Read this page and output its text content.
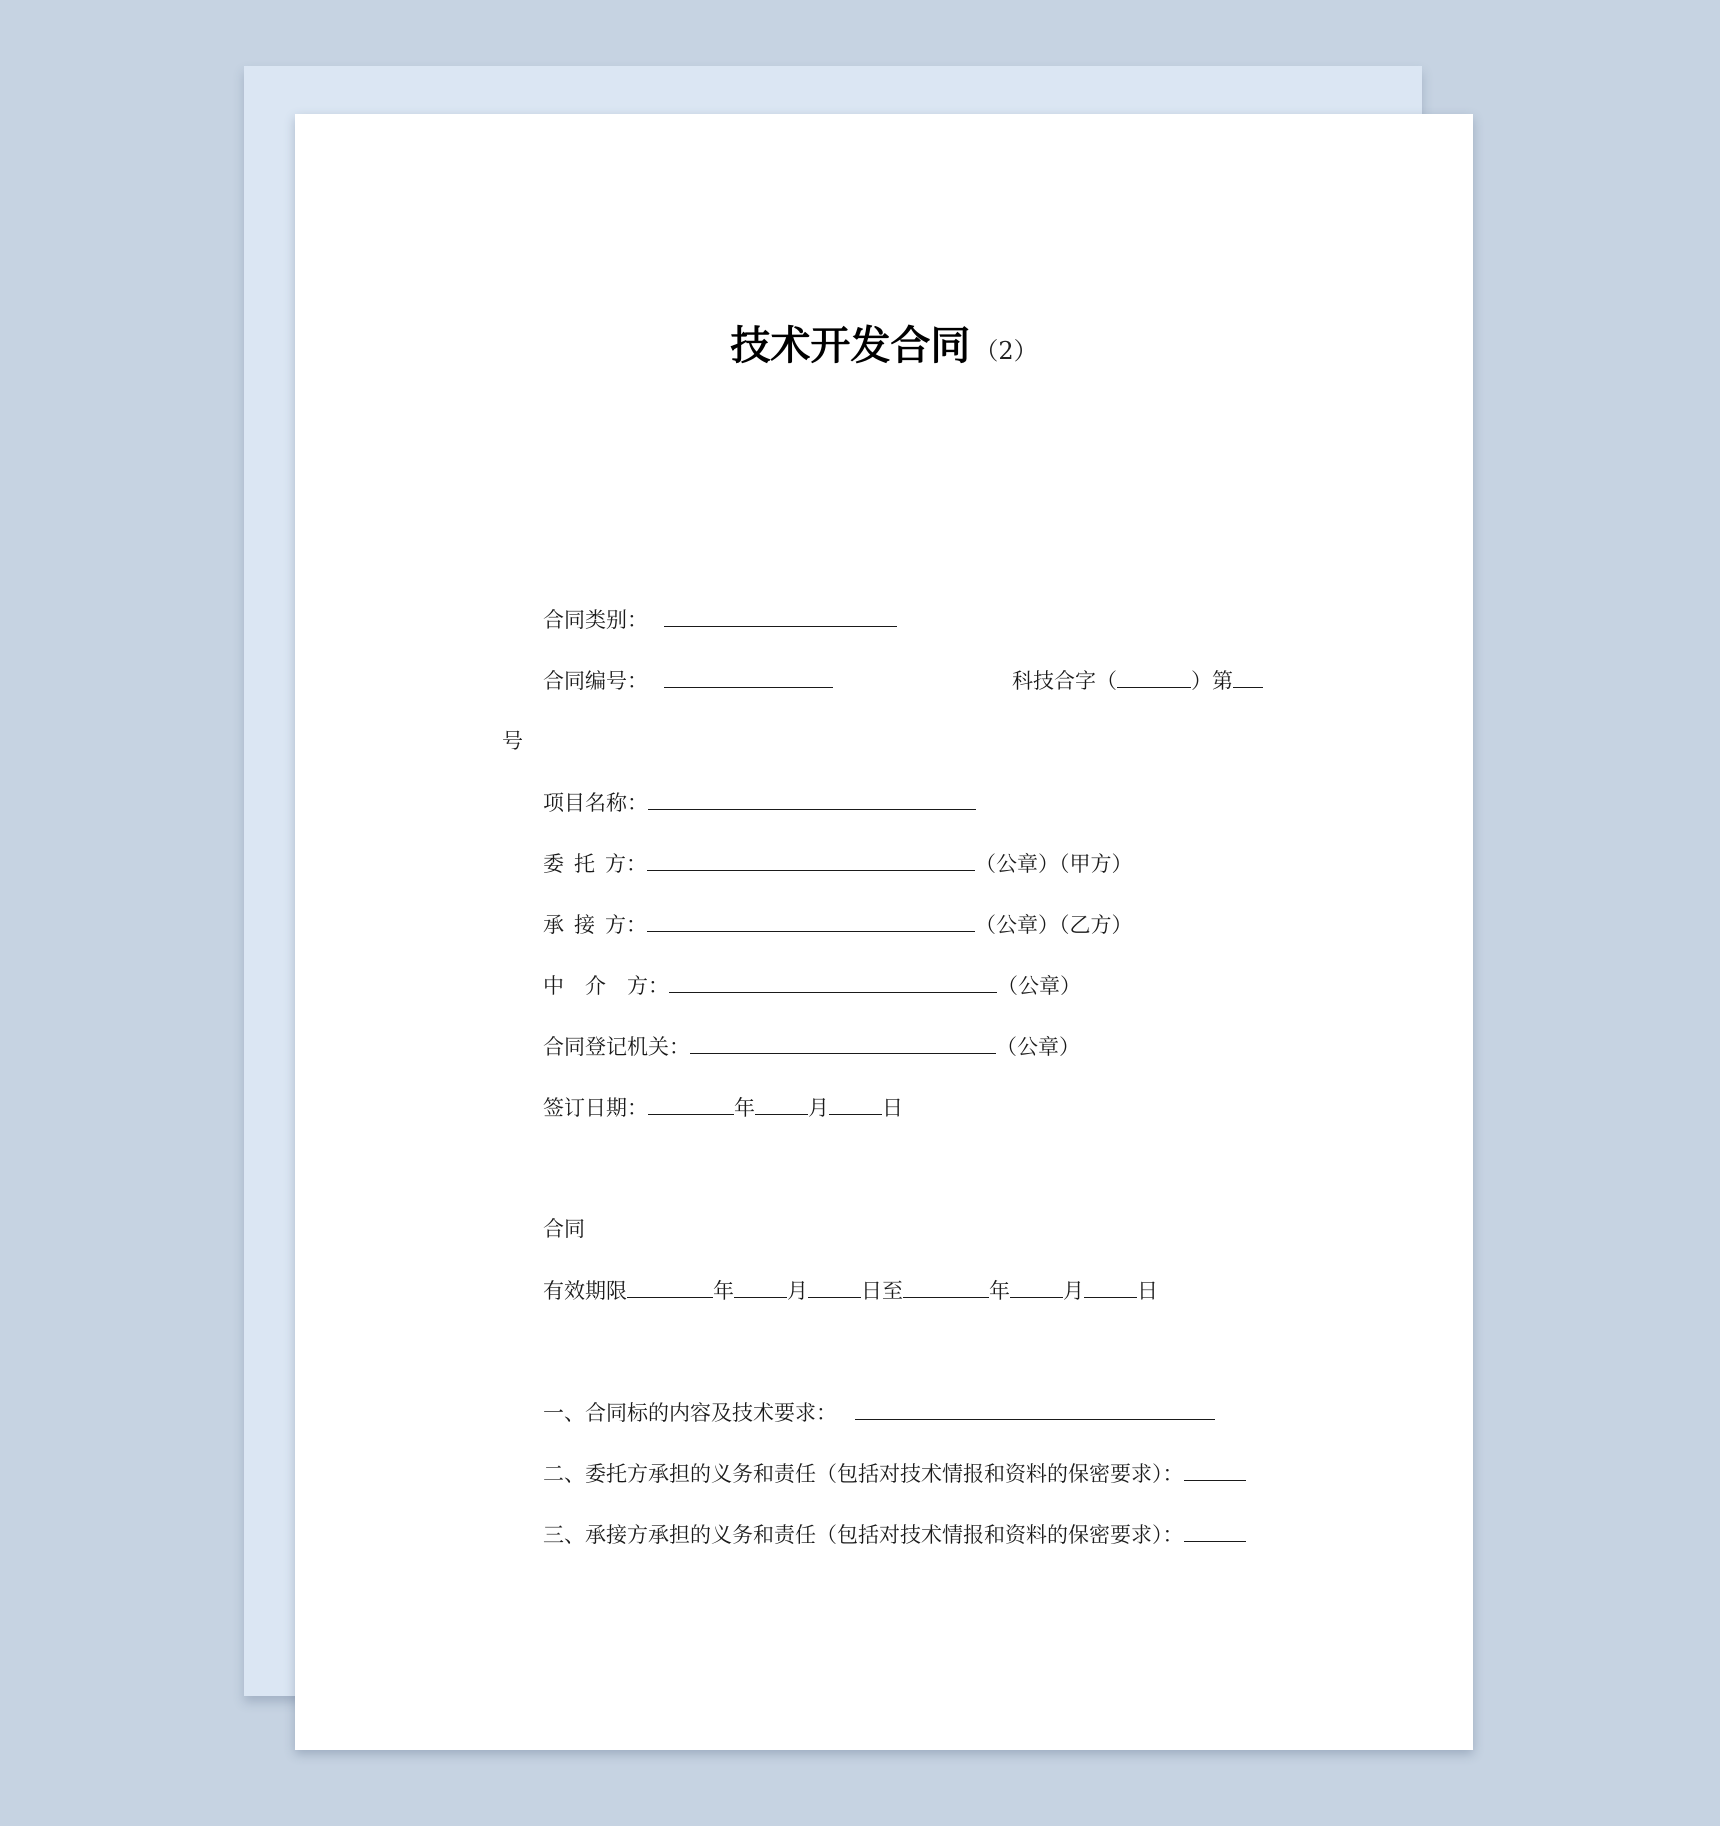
技术开发合同 （2）
合同类别：
合同编号：	科技合字（	）第
号
项目名称：
委 托 方：	（公章）（甲方）
承 接 方：	（公章）（乙方）
中 介 方：	（公章）
合同登记机关：	（公章）
签订日期：	年	月	日
合同
有效期限	年	月	日至	年	月	日
一、合同标的内容及技术要求：
二、委托方承担的义务和责任（包括对技术情报和资料的保密要求）：
三、承接方承担的义务和责任（包括对技术情报和资料的保密要求）：
